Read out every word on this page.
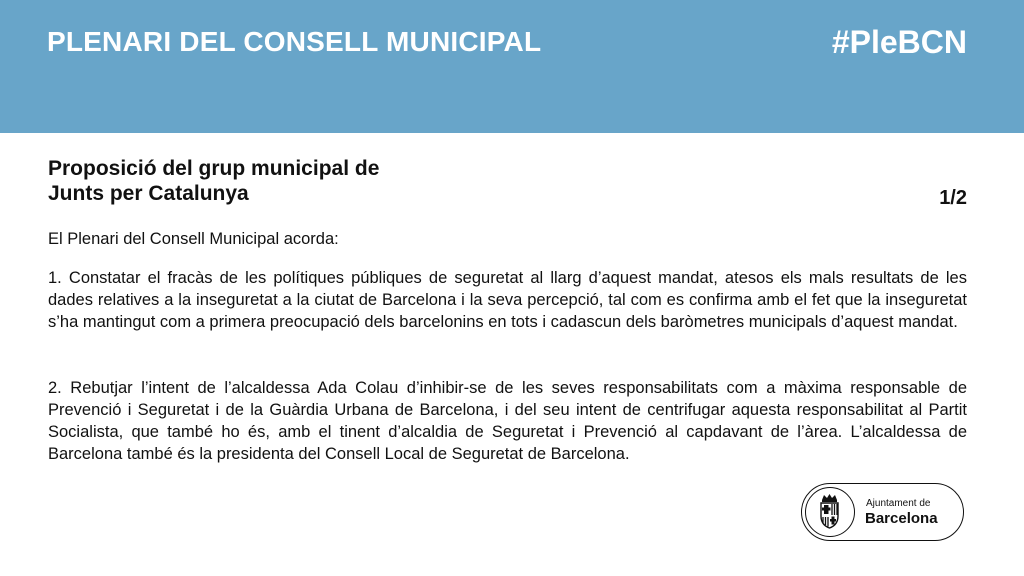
PLENARI DEL CONSELL MUNICIPAL	#PleBCN
Proposició del grup municipal de
Junts per Catalunya	1/2

El Plenari del Consell Municipal acorda:

1. Constatar el fracàs de les polítiques públiques de seguretat al llarg d’aquest mandat, atesos els mals resultats de les dades relatives a la inseguretat a la ciutat de Barcelona i la seva percepció, tal com es confirma amb el fet que la inseguretat s’ha mantingut com a primera preocupació dels barcelonins en tots i cadascun dels baròmetres municipals d’aquest mandat.

2. Rebutjar l’intent de l’alcaldessa Ada Colau d’inhibir-se de les seves responsabilitats com a màxima responsable de Prevenció i Seguretat i de la Guàrdia Urbana de Barcelona, i del seu intent de centrifugar aquesta responsabilitat al Partit Socialista, que també ho és, amb el tinent d’alcaldia de Seguretat i Prevenció al capdavant de l’àrea. L’alcaldessa de Barcelona també és la presidenta del Consell Local de Seguretat de Barcelona.

Ajuntament de
Barcelona
